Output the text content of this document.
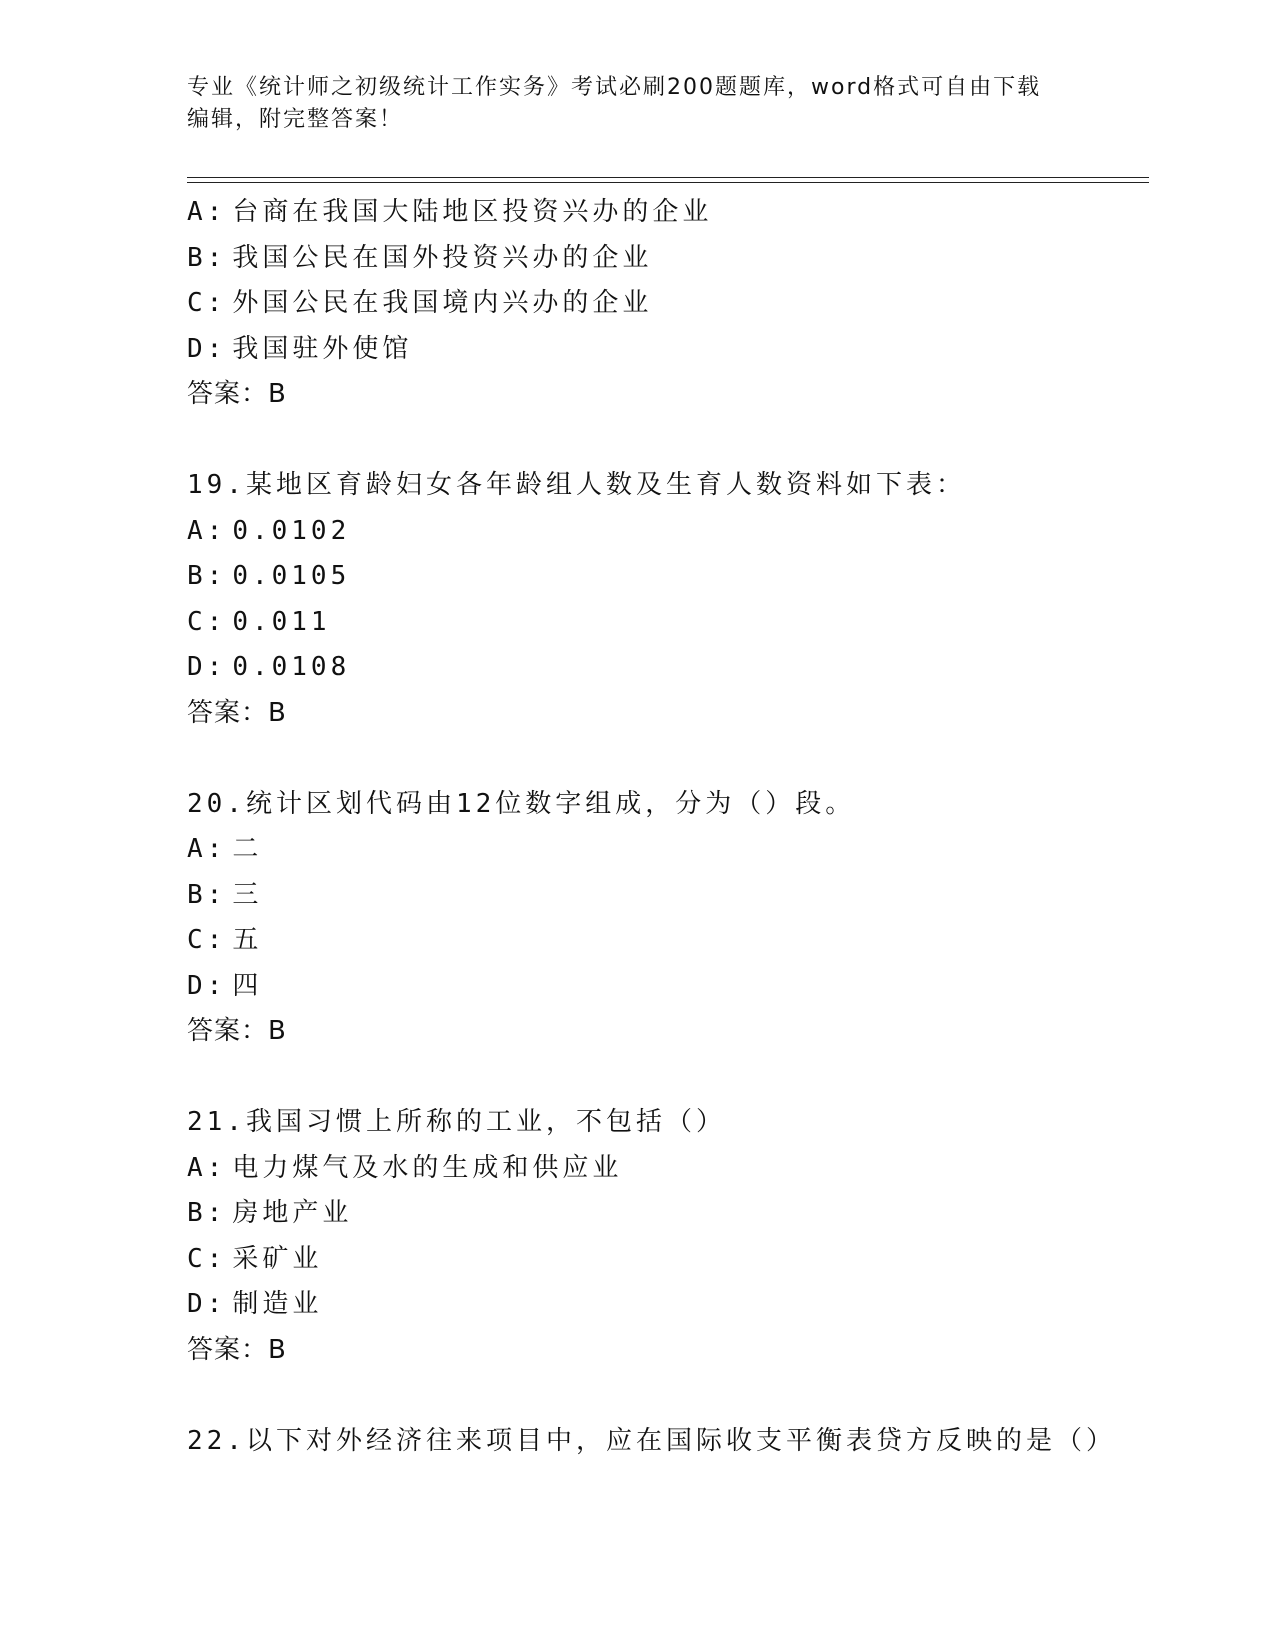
专业《统计师之初级统计工作实务》考试必刷200题题库，word格式可自由下载
编辑，附完整答案！
A: 台商在我国大陆地区投资兴办的企业
B: 我国公民在国外投资兴办的企业
C: 外国公民在我国境内兴办的企业
D: 我国驻外使馆
答案：B
19.某地区育龄妇女各年龄组人数及生育人数资料如下表：
A: 0.0102
B: 0.0105
C: 0.011
D: 0.0108
答案：B
20.统计区划代码由12位数字组成，分为（）段。
A: 二
B: 三
C: 五
D: 四
答案：B
21.我国习惯上所称的工业，不包括（）
A: 电力煤气及水的生成和供应业
B: 房地产业
C: 采矿业
D: 制造业
答案：B
22.以下对外经济往来项目中，应在国际收支平衡表贷方反映的是（）
